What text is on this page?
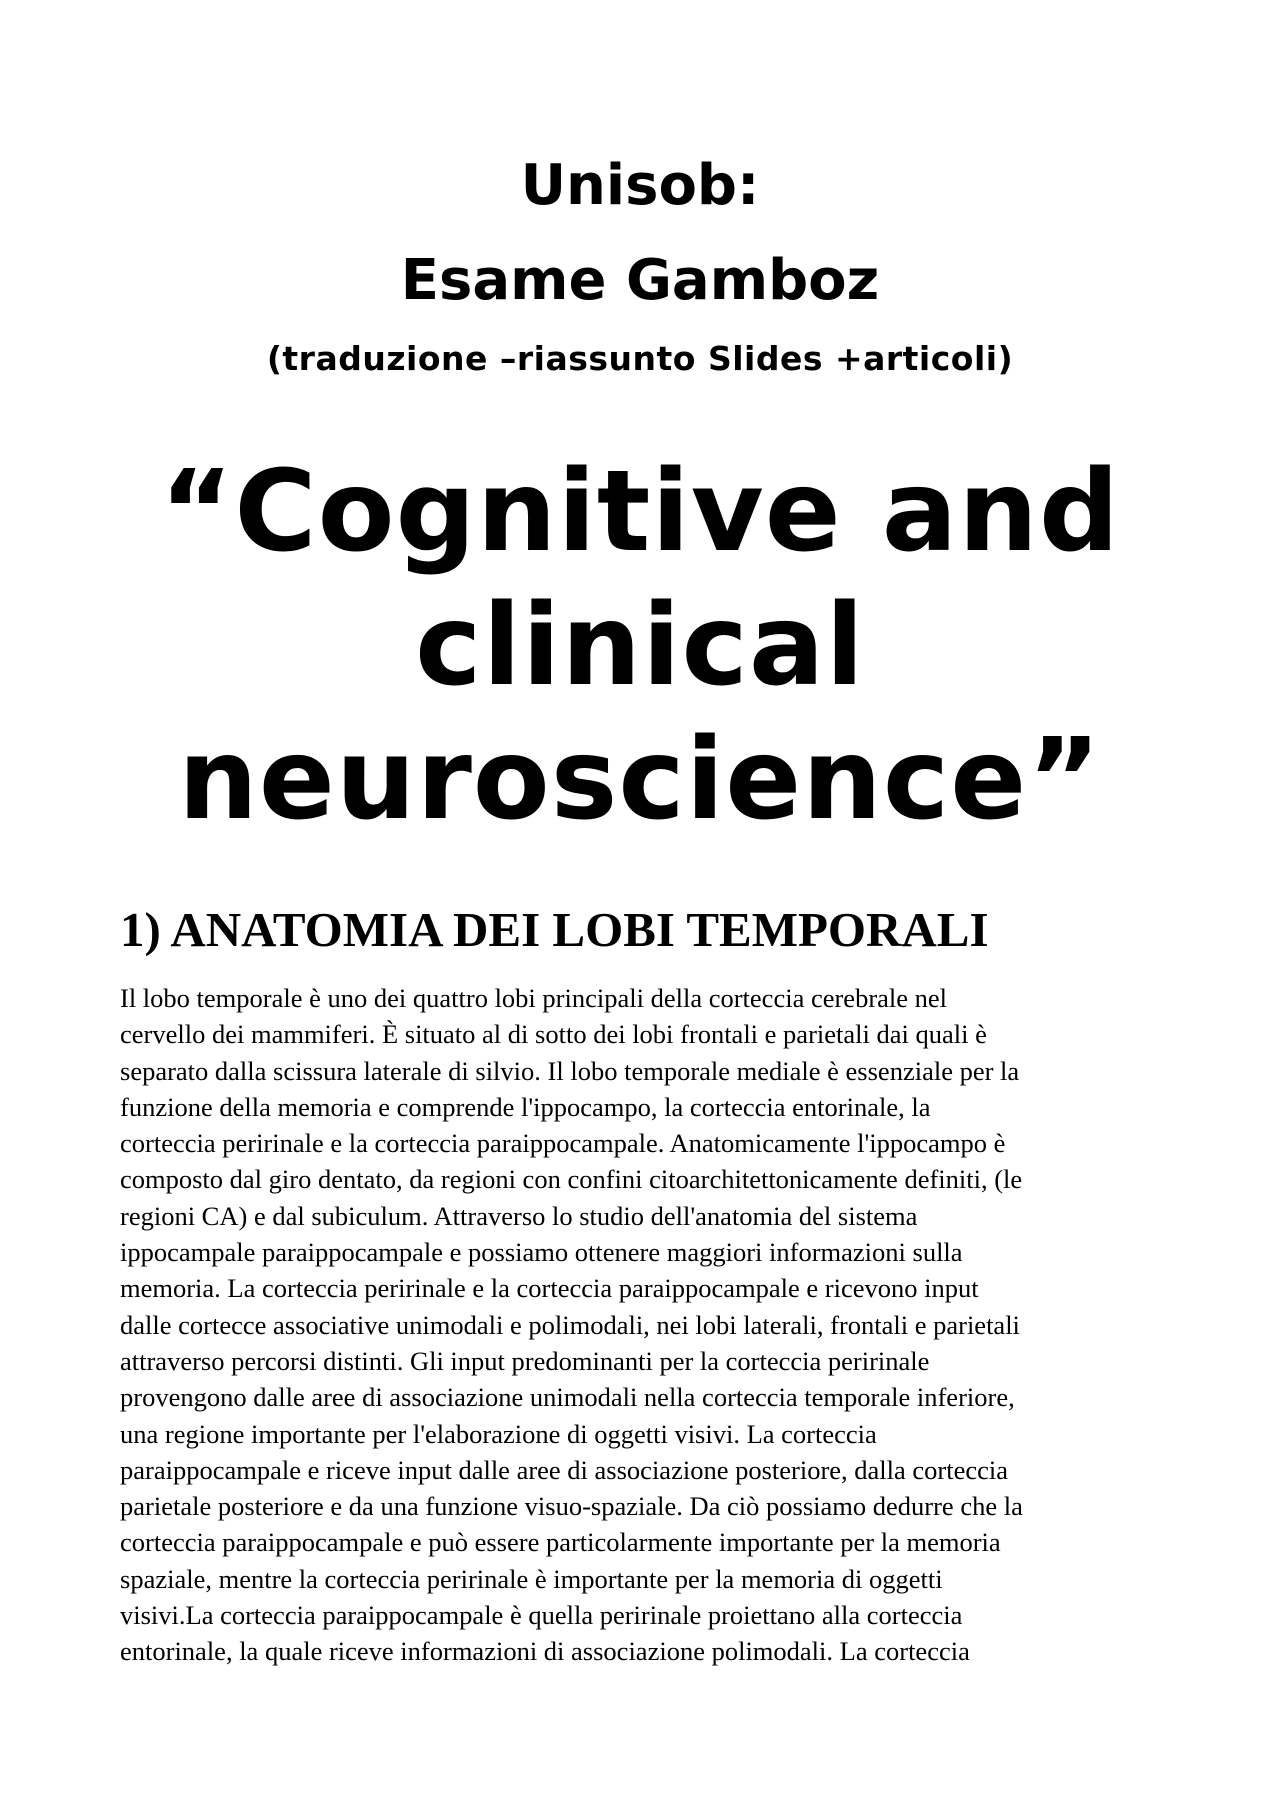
Unisob:
Esame Gamboz
(traduzione –riassunto Slides +articoli)
“Cognitive and
clinical
neuroscience”
1) ANATOMIA DEI LOBI TEMPORALI
Il lobo temporale è uno dei quattro lobi principali della corteccia cerebrale nel
cervello dei mammiferi. È situato al di sotto dei lobi frontali e parietali dai quali è
separato dalla scissura laterale di silvio. Il lobo temporale mediale è essenziale per la
funzione della memoria e comprende l'ippocampo, la corteccia entorinale, la
corteccia peririnale e la corteccia paraippocampale. Anatomicamente l'ippocampo è
composto dal giro dentato, da regioni con confini citoarchitettonicamente definiti, (le
regioni CA) e dal subiculum. Attraverso lo studio dell'anatomia del sistema
ippocampale paraippocampale e possiamo ottenere maggiori informazioni sulla
memoria. La corteccia peririnale e la corteccia paraippocampale e ricevono input
dalle cortecce associative unimodali e polimodali, nei lobi laterali, frontali e parietali
attraverso percorsi distinti. Gli input predominanti per la corteccia peririnale
provengono dalle aree di associazione unimodali nella corteccia temporale inferiore,
una regione importante per l'elaborazione di oggetti visivi. La corteccia
paraippocampale e riceve input dalle aree di associazione posteriore, dalla corteccia
parietale posteriore e da una funzione visuo-spaziale. Da ciò possiamo dedurre che la
corteccia paraippocampale e può essere particolarmente importante per la memoria
spaziale, mentre la corteccia peririnale è importante per la memoria di oggetti
visivi.La corteccia paraippocampale è quella peririnale proiettano alla corteccia
entorinale, la quale riceve informazioni di associazione polimodali. La corteccia
